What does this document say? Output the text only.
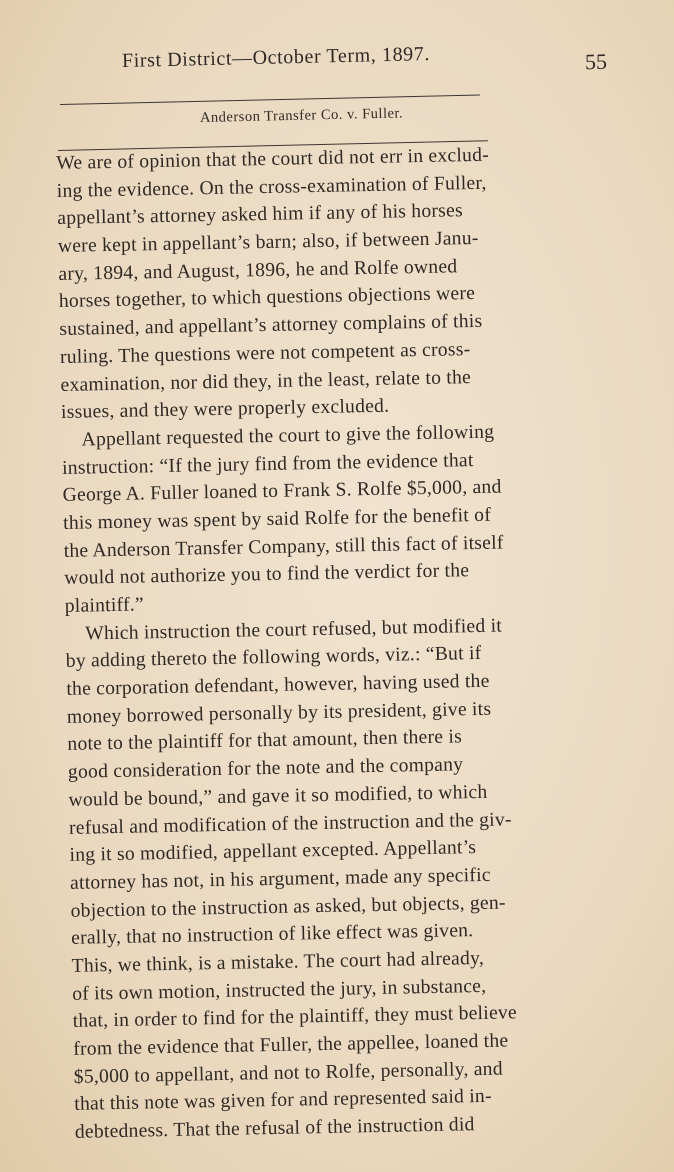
First District—October Term, 1897.	55
Anderson Transfer Co. v. Fuller.
We are of opinion that the court did not err in exclud-
ing the evidence. On the cross-examination of Fuller,
appellant’s attorney asked him if any of his horses
were kept in appellant’s barn; also, if between Janu-
ary, 1894, and August, 1896, he and Rolfe owned
horses together, to which questions objections were
sustained, and appellant’s attorney complains of this
ruling. The questions were not competent as cross-
examination, nor did they, in the least, relate to the
issues, and they were properly excluded.
Appellant requested the court to give the following
instruction: “If the jury find from the evidence that
George A. Fuller loaned to Frank S. Rolfe $5,000, and
this money was spent by said Rolfe for the benefit of
the Anderson Transfer Company, still this fact of itself
would not authorize you to find the verdict for the
plaintiff.”
Which instruction the court refused, but modified it
by adding thereto the following words, viz.: “But if
the corporation defendant, however, having used the
money borrowed personally by its president, give its
note to the plaintiff for that amount, then there is
good consideration for the note and the company
would be bound,” and gave it so modified, to which
refusal and modification of the instruction and the giv-
ing it so modified, appellant excepted. Appellant’s
attorney has not, in his argument, made any specific
objection to the instruction as asked, but objects, gen-
erally, that no instruction of like effect was given.
This, we think, is a mistake. The court had already,
of its own motion, instructed the jury, in substance,
that, in order to find for the plaintiff, they must believe
from the evidence that Fuller, the appellee, loaned the
$5,000 to appellant, and not to Rolfe, personally, and
that this note was given for and represented said in-
debtedness. That the refusal of the instruction did
